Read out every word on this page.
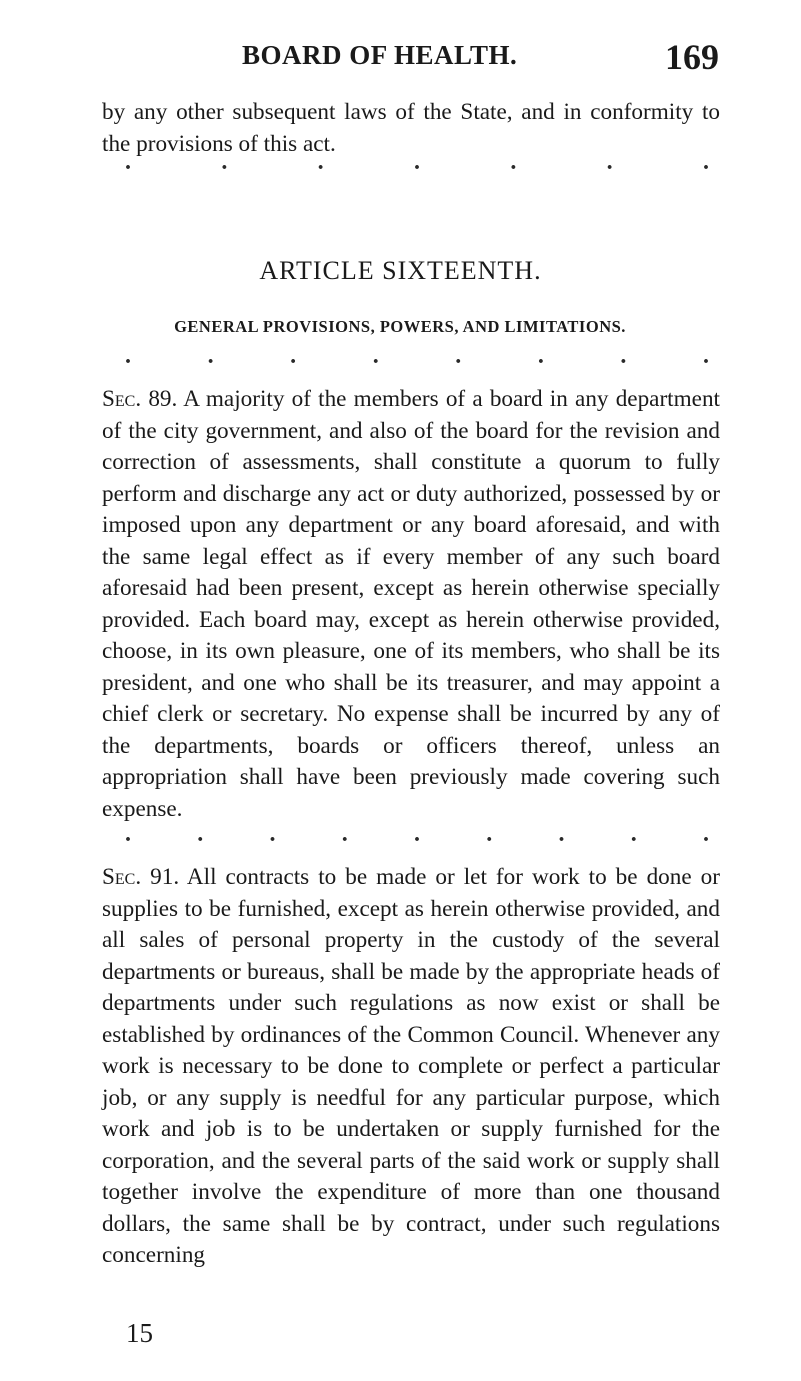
BOARD OF HEALTH.	169

by any other subsequent laws of the State, and in conformity to the provisions of this act.

.	.	.	.	.	.	.
ARTICLE SIXTEENTH.
GENERAL PROVISIONS, POWERS, AND LIMITATIONS.
.	.	.	.	.	.	.	.

Sec. 89. A majority of the members of a board in any department of the city government, and also of the board for the revision and correction of assessments, shall constitute a quorum to fully perform and discharge any act or duty authorized, possessed by or imposed upon any department or any board aforesaid, and with the same legal effect as if every member of any such board aforesaid had been present, except as herein otherwise specially provided. Each board may, except as herein otherwise provided, choose, in its own pleasure, one of its members, who shall be its president, and one who shall be its treasurer, and may appoint a chief clerk or secretary. No expense shall be incurred by any of the departments, boards or officers thereof, unless an appropriation shall have been previously made covering such expense.

.	.	.	.	.	.	.	.	.

Sec. 91. All contracts to be made or let for work to be done or supplies to be furnished, except as herein otherwise provided, and all sales of personal property in the custody of the several departments or bureaus, shall be made by the appropriate heads of departments under such regulations as now exist or shall be established by ordinances of the Common Council. Whenever any work is necessary to be done to complete or perfect a particular job, or any supply is needful for any particular purpose, which work and job is to be undertaken or supply furnished for the corporation, and the several parts of the said work or supply shall together involve the expenditure of more than one thousand dollars, the same shall be by contract, under such regulations concerning

15
